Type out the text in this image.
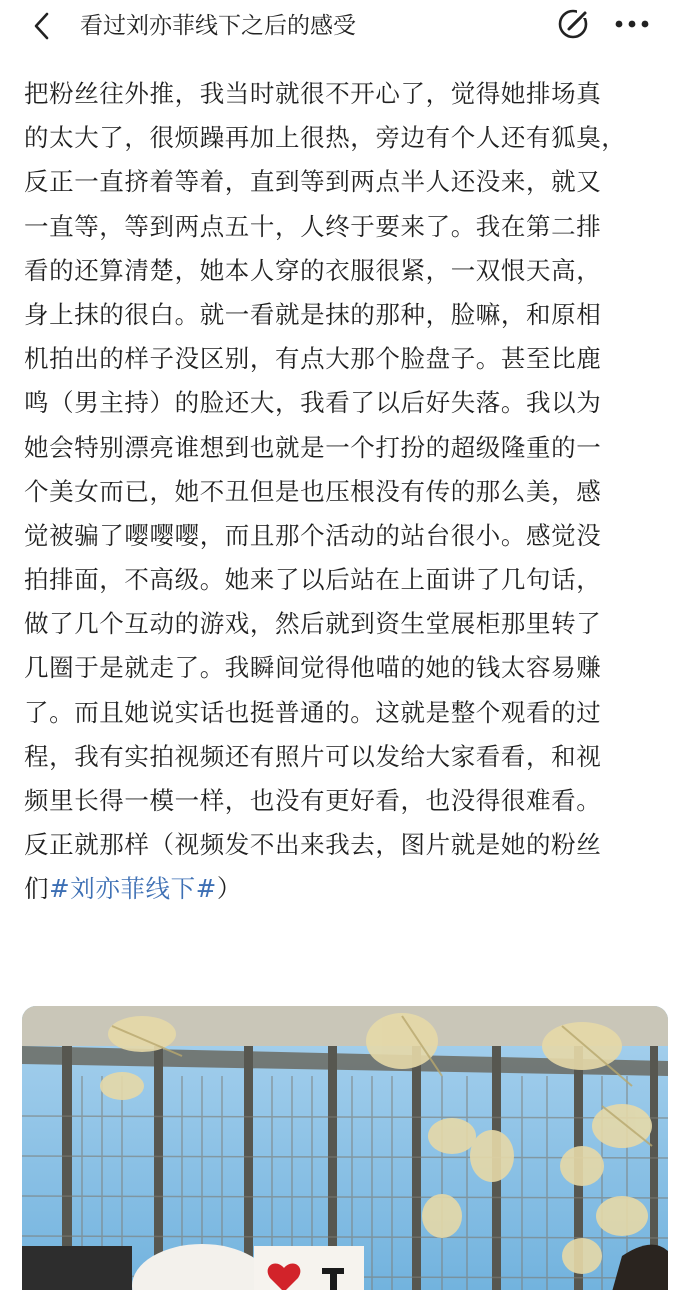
看过刘亦菲线下之后的感受
把粉丝往外推，我当时就很不开心了，觉得她排场真
的太大了，很烦躁再加上很热，旁边有个人还有狐臭，
反正一直挤着等着，直到等到两点半人还没来，就又
一直等，等到两点五十，人终于要来了。我在第二排
看的还算清楚，她本人穿的衣服很紧，一双恨天高，
身上抹的很白。就一看就是抹的那种，脸嘛，和原相
机拍出的样子没区别，有点大那个脸盘子。甚至比鹿
鸣（男主持）的脸还大，我看了以后好失落。我以为
她会特别漂亮谁想到也就是一个打扮的超级隆重的一
个美女而已，她不丑但是也压根没有传的那么美，感
觉被骗了嘤嘤嘤，而且那个活动的站台很小。感觉没
拍排面，不高级。她来了以后站在上面讲了几句话，
做了几个互动的游戏，然后就到资生堂展柜那里转了
几圈于是就走了。我瞬间觉得他喵的她的钱太容易赚
了。而且她说实话也挺普通的。这就是整个观看的过
程，我有实拍视频还有照片可以发给大家看看，和视
频里长得一模一样，也没有更好看，也没得很难看。
反正就那样（视频发不出来我去，图片就是她的粉丝
们#刘亦菲线下#）
